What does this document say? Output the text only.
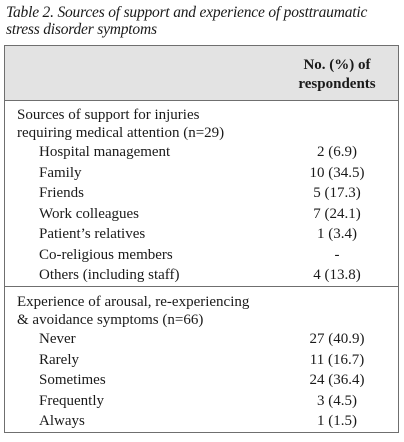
Table 2. Sources of support and experience of posttraumatic
stress disorder symptoms
No. (%) of
respondents
Sources of support for injuries
requiring medical attention (n=29)
Hospital management	2 (6.9)
Family	10 (34.5)
Friends	5 (17.3)
Work colleagues	7 (24.1)
Patient’s relatives	1 (3.4)
Co-religious members	-
Others (including staff)	4 (13.8)
Experience of arousal, re-experiencing
& avoidance symptoms (n=66)
Never	27 (40.9)
Rarely	11 (16.7)
Sometimes	24 (36.4)
Frequently	3 (4.5)
Always	1 (1.5)
